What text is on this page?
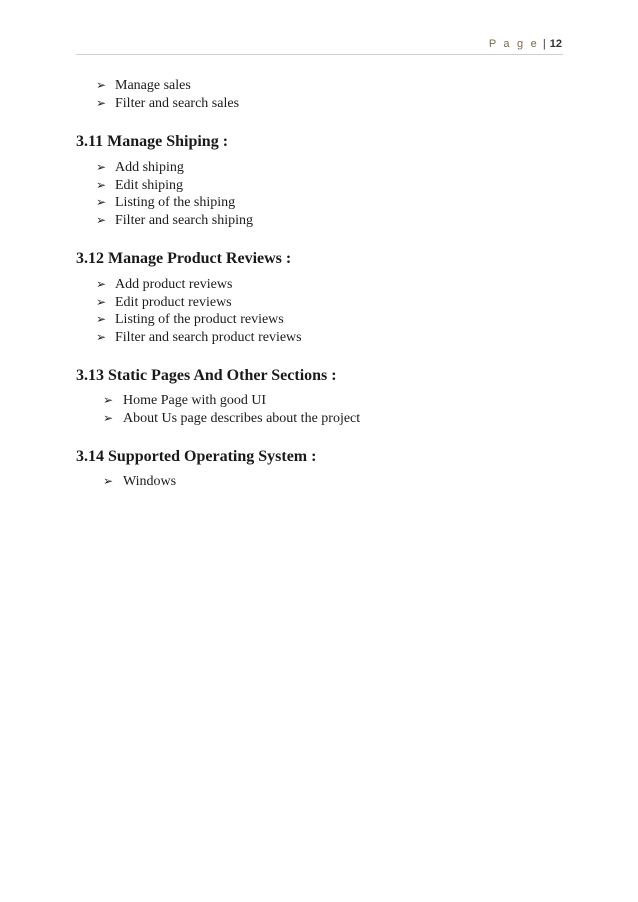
P a g e | 12
➢ Manage sales
➢ Filter and search sales
3.11 Manage Shiping :
➢ Add shiping
➢ Edit shiping
➢ Listing of the shiping
➢ Filter and search shiping
3.12 Manage Product Reviews :
➢ Add product reviews
➢ Edit product reviews
➢ Listing of the product reviews
➢ Filter and search product reviews
3.13 Static Pages And Other Sections :
➢ Home Page with good UI
➢ About Us page describes about the project
3.14 Supported Operating System :
➢ Windows
